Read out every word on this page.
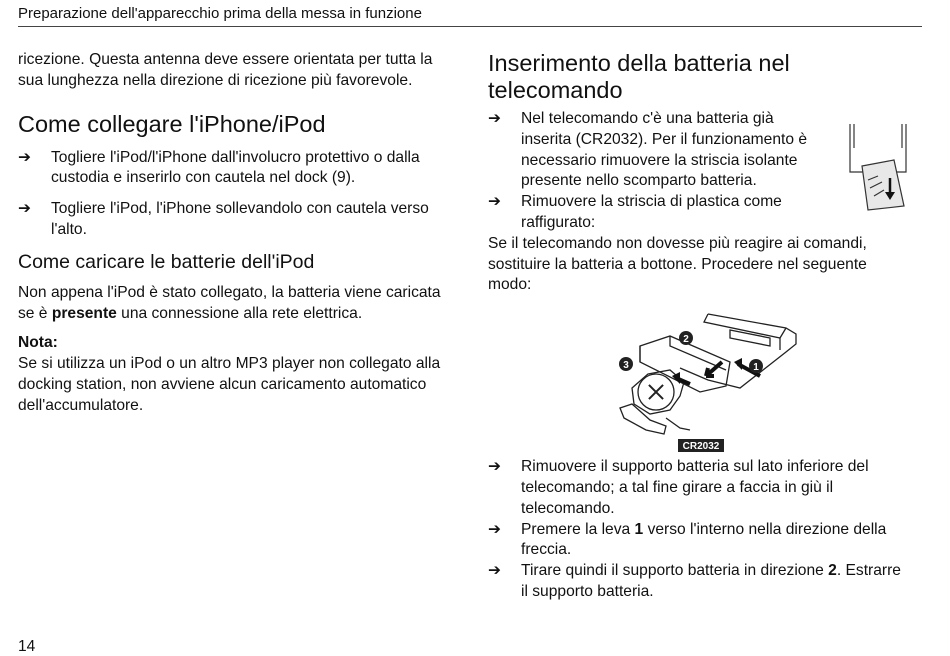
Preparazione dell'apparecchio prima della messa in funzione

ricezione. Questa antenna deve essere orientata per tutta la sua lunghezza nella direzione di ricezione più favorevole.

Come collegare l'iPhone/iPod
➔ Togliere l'iPod/l'iPhone dall'involucro protettivo o dalla custodia e inserirlo con cautela nel dock (9).
➔ Togliere l'iPod, l'iPhone sollevandolo con cautela verso l'alto.
Come caricare le batterie dell'iPod

Non appena l'iPod è stato collegato, la batteria viene caricata se è presente una connessione alla rete elettrica.

Nota:

Se si utilizza un iPod o un altro MP3 player non collegato alla docking station, non avviene alcun caricamento automatico dell'accumulatore.

Inserimento della batteria nel telecomando
➔ Nel telecomando c'è una batteria già inserita (CR2032). Per il funzionamento è necessario rimuovere la striscia isolante presente nello scomparto batteria.
➔ Rimuovere la striscia di plastica come raffigurato:

Se il telecomando non dovesse più reagire ai comandi, sostituire la batteria a bottone. Procedere nel seguente modo:

2
1
3
CR2032
➔ Rimuovere il supporto batteria sul lato inferiore del telecomando; a tal fine girare a faccia in giù il telecomando.
➔ Premere la leva 1 verso l'interno nella direzione della freccia.
➔ Tirare quindi il supporto batteria in direzione 2. Estrarre il supporto batteria.
14
